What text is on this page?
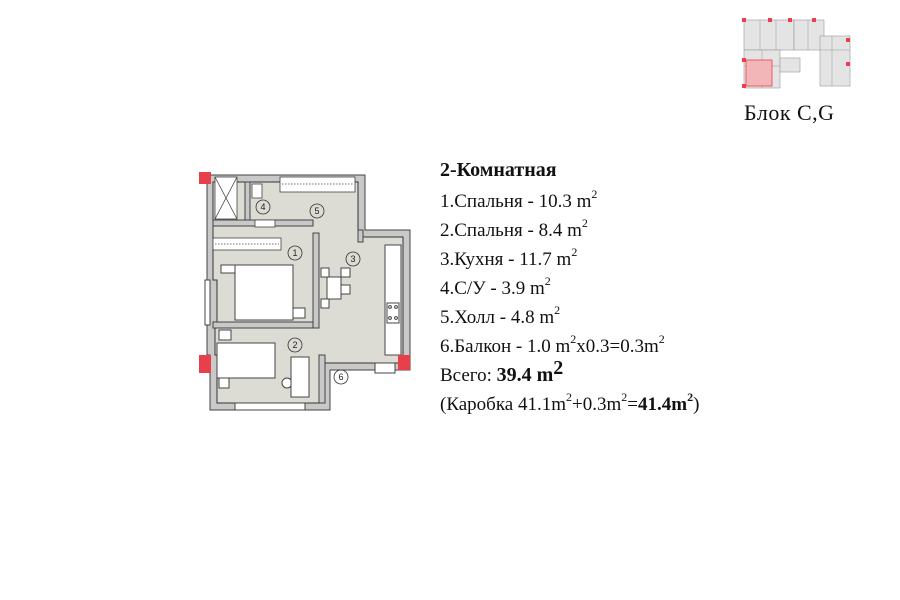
4	5
1
3
2
6
Блок C,G
2-Комнатная
1.Спальня - 10.3 $m^2$
2.Спальня - 8.4 $m^2$
3.Кухня - 11.7 $m^2$
4.С/У - 3.9 $m^2$
5.Холл - 4.8 $m^2$
6.Балкон - 1.0 $m^2x0.3=0.3m^2$
Всего: 39.4 $m^2$
(Каробка $41.1m^2+0.3m^2=41.4m^2$)
